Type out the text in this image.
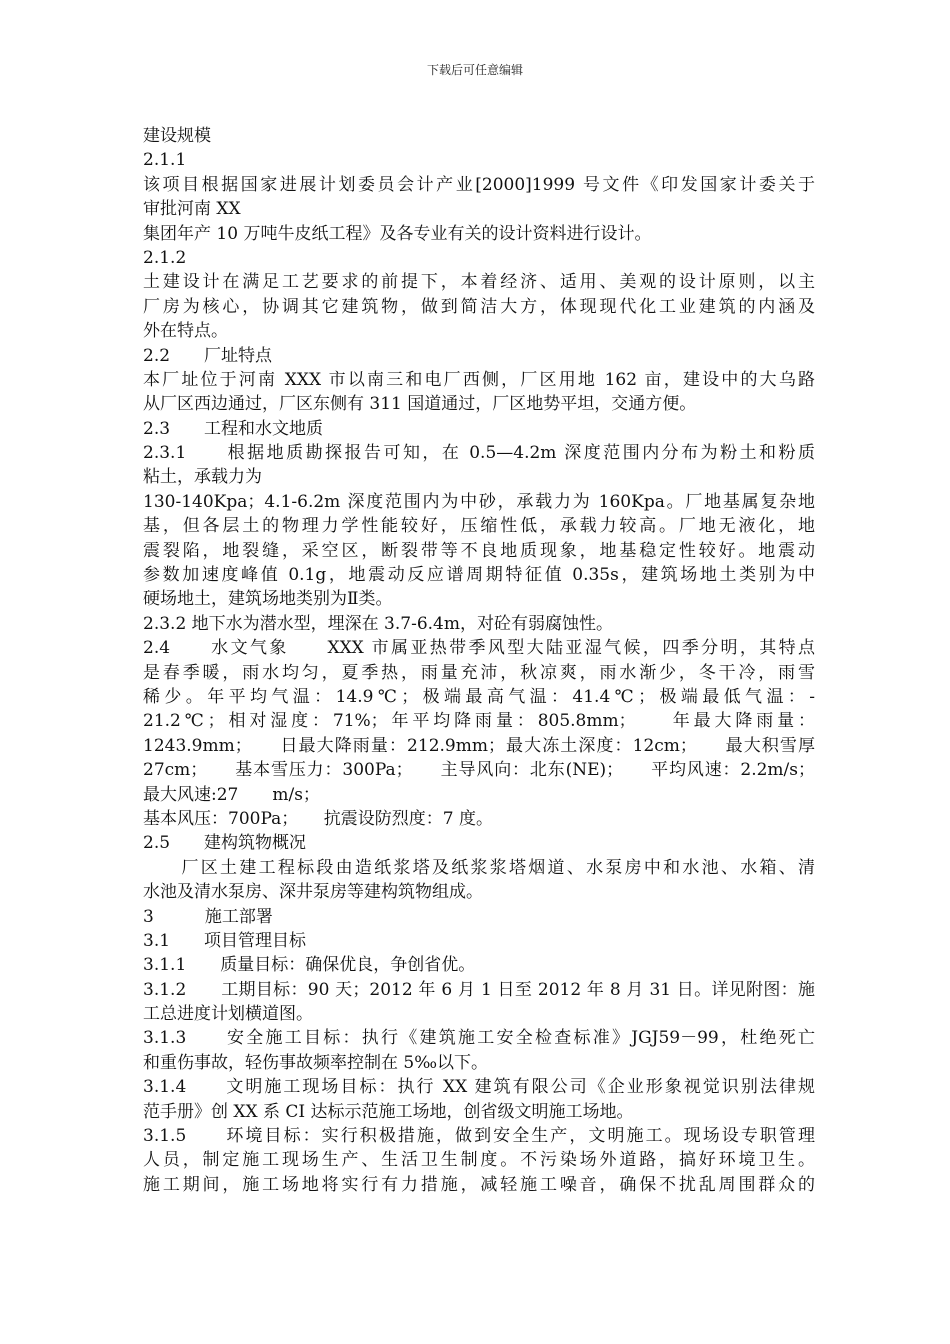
下载后可任意编辑
建设规模
2.1.1
该项目根据国家进展计划委员会计产业[2000]1999 号文件《印发国家计委关于
审批河南 XX
集团年产 10 万吨牛皮纸工程》及各专业有关的设计资料进行设计。
2.1.2
土建设计在满足工艺要求的前提下，本着经济、适用、美观的设计原则，以主
厂房为核心，协调其它建筑物，做到简洁大方，体现现代化工业建筑的内涵及
外在特点。
2.2　　厂址特点
本厂址位于河南 XXX 市以南三和电厂西侧，厂区用地 162 亩，建设中的大乌路
从厂区西边通过，厂区东侧有 311 国道通过，厂区地势平坦，交通方便。
2.3　　工程和水文地质
2.3.1　　根据地质勘探报告可知，在 0.5—4.2m 深度范围内分布为粉土和粉质
粘土，承载力为
130-140Kpa；4.1-6.2m 深度范围内为中砂，承载力为 160Kpa。厂地基属复杂地
基，但各层土的物理力学性能较好，压缩性低，承载力较高。厂地无液化，地
震裂陷，地裂缝，采空区，断裂带等不良地质现象，地基稳定性较好。地震动
参数加速度峰值 0.1g，地震动反应谱周期特征值 0.35s，建筑场地土类别为中
硬场地土，建筑场地类别为Ⅱ类。
2.3.2 地下水为潜水型，埋深在 3.7-6.4m，对砼有弱腐蚀性。
2.4　　水文气象　　XXX 市属亚热带季风型大陆亚湿气候，四季分明，其特点
是春季暖，雨水均匀，夏季热，雨量充沛，秋凉爽，雨水渐少，冬干冷，雨雪
稀少。年平均气温：14.9℃；极端最高气温：41.4℃；极端最低气温：-
21.2℃；相对湿度：71%；年平均降雨量：805.8mm；　　年最大降雨量：
1243.9mm；　　日最大降雨量：212.9mm；最大冻土深度：12cm；　　最大积雪厚
27cm；　　基本雪压力：300Pa；　　主导风向：北东(NE)；　　平均风速：2.2m/s；
最大风速:27　　m/s；
基本风压：700Pa；　　抗震设防烈度：7 度。
2.5　　建构筑物概况
　　厂区土建工程标段由造纸浆塔及纸浆浆塔烟道、水泵房中和水池、水箱、清
水池及清水泵房、深井泵房等建构筑物组成。
3　　　施工部署
3.1　　项目管理目标
3.1.1　　质量目标：确保优良，争创省优。
3.1.2　　工期目标：90 天；2012 年 6 月 1 日至 2012 年 8 月 31 日。详见附图：施
工总进度计划横道图。
3.1.3　　安全施工目标：执行《建筑施工安全检查标准》JGJ59－99，杜绝死亡
和重伤事故，轻伤事故频率控制在 5‰以下。
3.1.4　　文明施工现场目标：执行 XX 建筑有限公司《企业形象视觉识别法律规
范手册》创 XX 系 CI 达标示范施工场地，创省级文明施工场地。
3.1.5　　环境目标：实行积极措施，做到安全生产，文明施工。现场设专职管理
人员，制定施工现场生产、生活卫生制度。不污染场外道路，搞好环境卫生。
施工期间，施工场地将实行有力措施，减轻施工噪音，确保不扰乱周围群众的
